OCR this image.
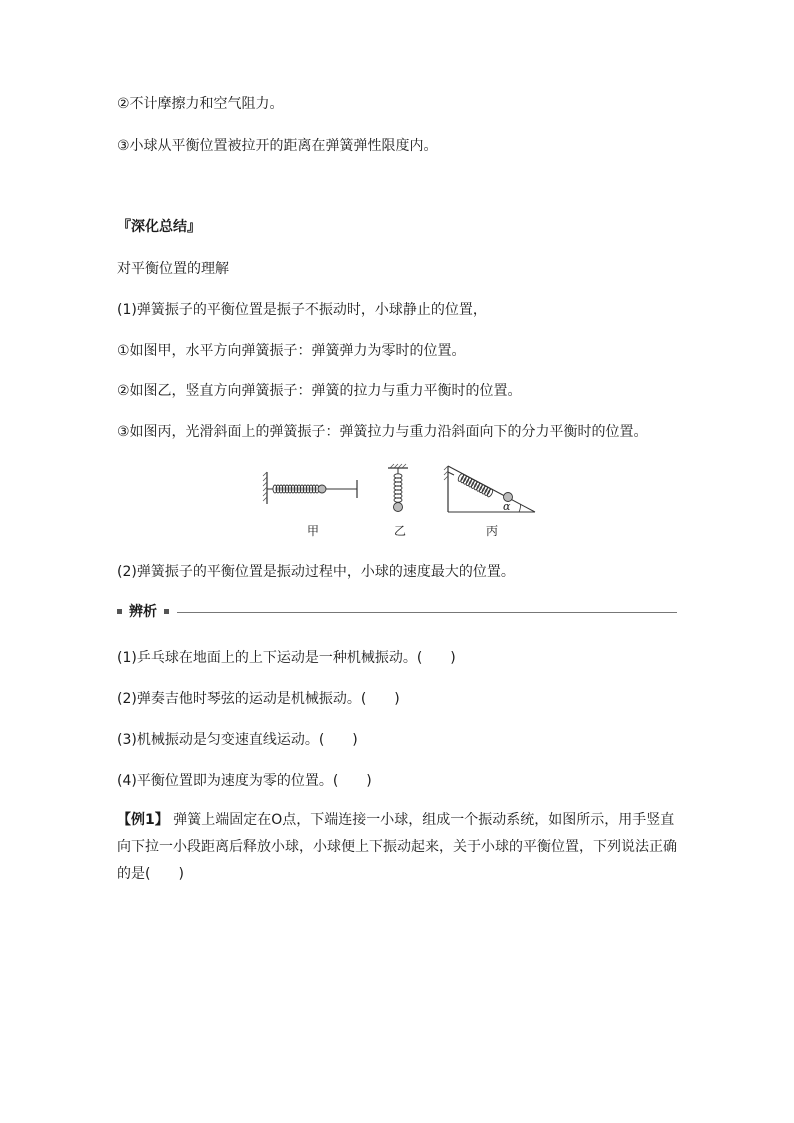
②不计摩擦力和空气阻力。
③小球从平衡位置被拉开的距离在弹簧弹性限度内。
『深化总结』
对平衡位置的理解
(1)弹簧振子的平衡位置是振子不振动时，小球静止的位置，
①如图甲，水平方向弹簧振子：弹簧弹力为零时的位置。
②如图乙，竖直方向弹簧振子：弹簧的拉力与重力平衡时的位置。
③如图丙，光滑斜面上的弹簧振子：弹簧拉力与重力沿斜面向下的分力平衡时的位置。
甲	乙	丙
α
(2)弹簧振子的平衡位置是振动过程中，小球的速度最大的位置。
辨析
(1)乒乓球在地面上的上下运动是一种机械振动。(　　)
(2)弹奏吉他时琴弦的运动是机械振动。(　　)
(3)机械振动是匀变速直线运动。(　　)
(4)平衡位置即为速度为零的位置。(　　)
【例1】 弹簧上端固定在O点，下端连接一小球，组成一个振动系统，如图所示，用手竖直向下拉一小段距离后释放小球，小球便上下振动起来，关于小球的平衡位置，下列说法正确的是(　　)
